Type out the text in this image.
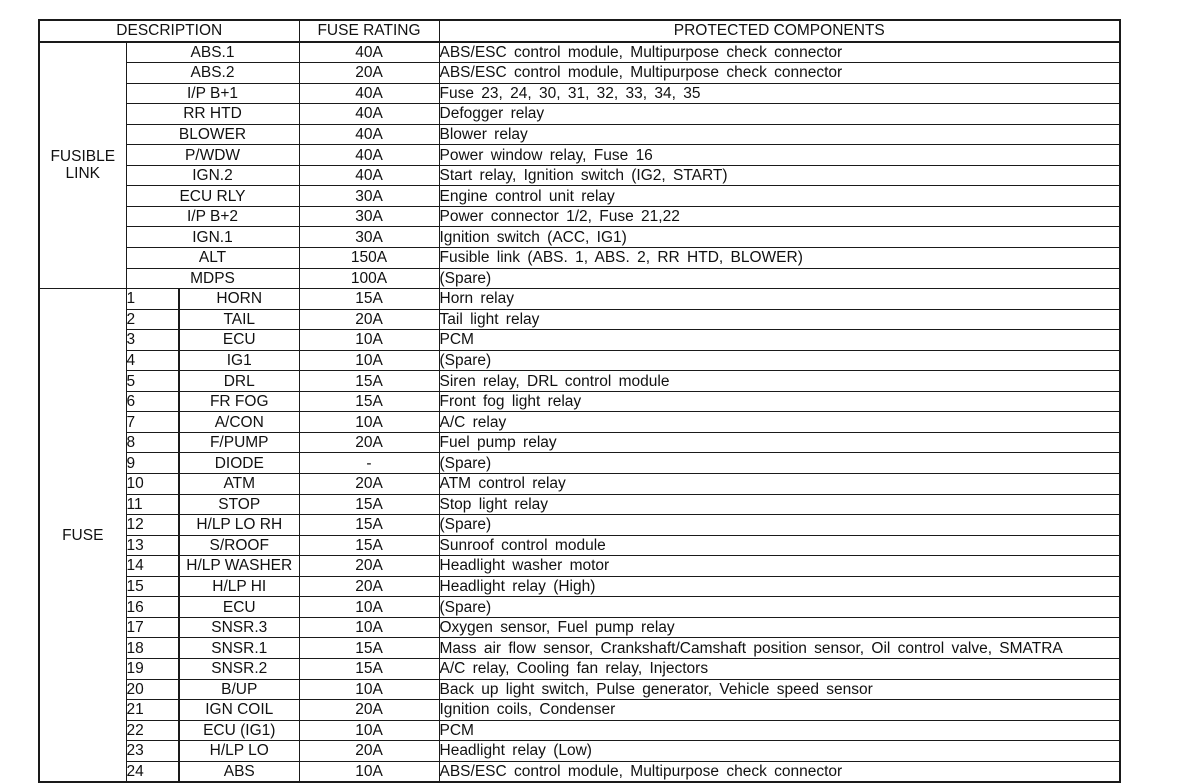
DESCRIPTION			FUSE RATING	PROTECTED COMPONENTS
FUSIBLE
LINK	ABS.1		40A	ABS/ESC control module, Multipurpose check connector
	ABS.2		20A	ABS/ESC control module, Multipurpose check connector
	I/P B+1		40A	Fuse 23, 24, 30, 31, 32, 33, 34, 35
	RR HTD		40A	Defogger relay
	BLOWER		40A	Blower relay
	P/WDW		40A	Power window relay, Fuse 16
	IGN.2		40A	Start relay, Ignition switch (IG2, START)
	ECU RLY		30A	Engine control unit relay
	I/P B+2		30A	Power connector 1/2, Fuse 21,22
	IGN.1		30A	Ignition switch (ACC, IG1)
	ALT		150A	Fusible link (ABS. 1, ABS. 2, RR HTD, BLOWER)
	MDPS		100A	(Spare)
FUSE	1	HORN	15A	Horn relay
	2	TAIL	20A	Tail light relay
	3	ECU	10A	PCM
	4	IG1	10A	(Spare)
	5	DRL	15A	Siren relay, DRL control module
	6	FR FOG	15A	Front fog light relay
	7	A/CON	10A	A/C relay
	8	F/PUMP	20A	Fuel pump relay
	9	DIODE	-	(Spare)
	10	ATM	20A	ATM control relay
	11	STOP	15A	Stop light relay
	12	H/LP LO RH	15A	(Spare)
	13	S/ROOF	15A	Sunroof control module
	14	H/LP WASHER	20A	Headlight washer motor
	15	H/LP HI	20A	Headlight relay (High)
	16	ECU	10A	(Spare)
	17	SNSR.3	10A	Oxygen sensor, Fuel pump relay
	18	SNSR.1	15A	Mass air flow sensor, Crankshaft/Camshaft position sensor, Oil control valve, SMATRA
	19	SNSR.2	15A	A/C relay, Cooling fan relay, Injectors
	20	B/UP	10A	Back up light switch, Pulse generator, Vehicle speed sensor
	21	IGN COIL	20A	Ignition coils, Condenser
	22	ECU (IG1)	10A	PCM
	23	H/LP LO	20A	Headlight relay (Low)
	24	ABS	10A	ABS/ESC control module, Multipurpose check connector
